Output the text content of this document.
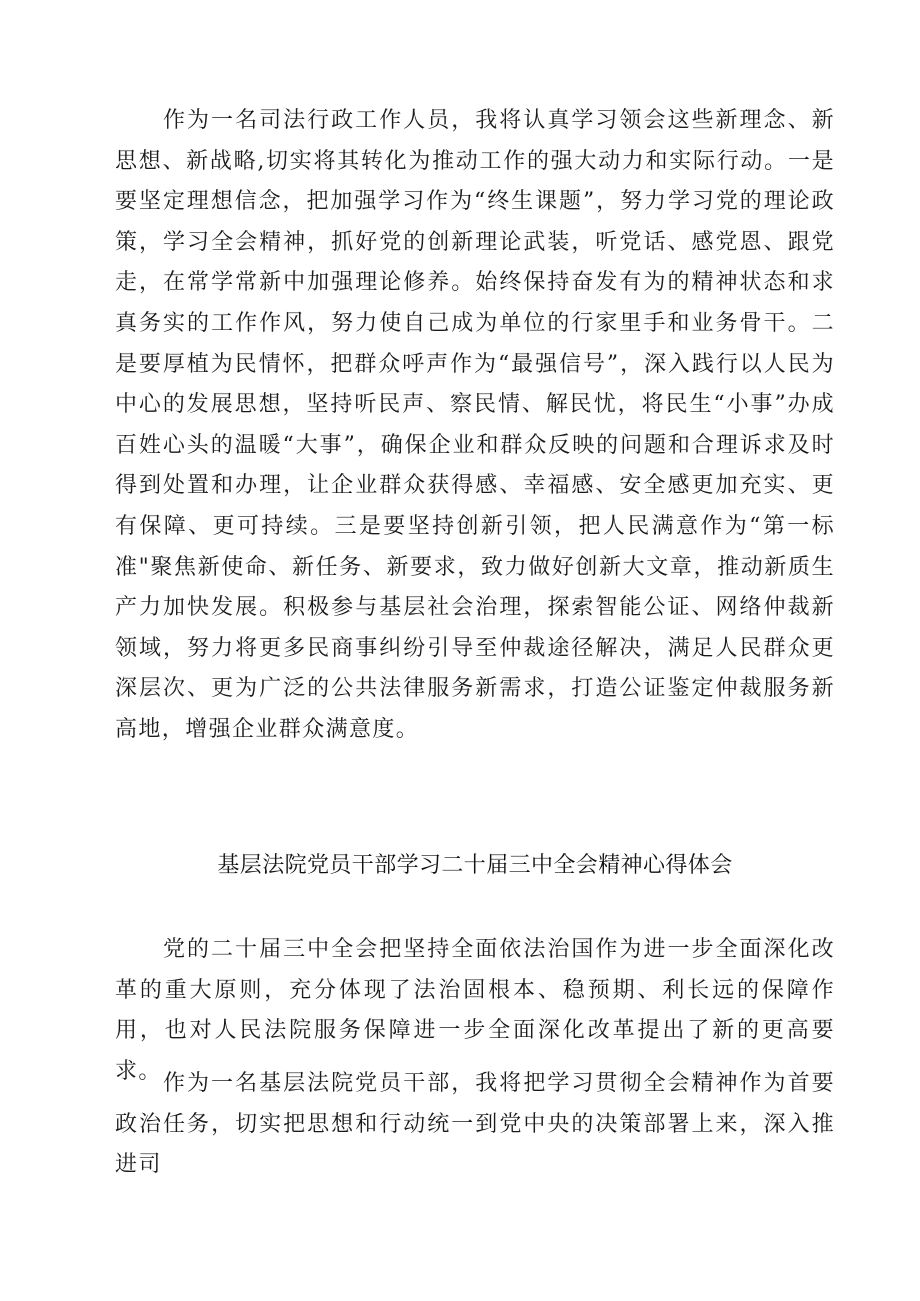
作为一名司法行政工作人员，我将认真学习领会这些新理念、新思想、新战略,切实将其转化为推动工作的强大动力和实际行动。一是要坚定理想信念，把加强学习作为“终生课题”，努力学习党的理论政策，学习全会精神，抓好党的创新理论武装，听党话、感党恩、跟党走，在常学常新中加强理论修养。始终保持奋发有为的精神状态和求真务实的工作作风，努力使自己成为单位的行家里手和业务骨干。二是要厚植为民情怀，把群众呼声作为“最强信号”，深入践行以人民为中心的发展思想，坚持听民声、察民情、解民忧，将民生“小事”办成百姓心头的温暖“大事”，确保企业和群众反映的问题和合理诉求及时得到处置和办理，让企业群众获得感、幸福感、安全感更加充实、更有保障、更可持续。三是要坚持创新引领，把人民满意作为“第一标准"聚焦新使命、新任务、新要求，致力做好创新大文章，推动新质生产力加快发展。积极参与基层社会治理，探索智能公证、网络仲裁新领域，努力将更多民商事纠纷引导至仲裁途径解决，满足人民群众更深层次、更为广泛的公共法律服务新需求，打造公证鉴定仲裁服务新高地，增强企业群众满意度。

基层法院党员干部学习二十届三中全会精神心得体会

党的二十届三中全会把坚持全面依法治国作为进一步全面深化改革的重大原则，充分体现了法治固根本、稳预期、利长远的保障作用，也对人民法院服务保障进一步全面深化改革提出了新的更高要求。 作为一名基层法院党员干部，我将把学习贯彻全会精神作为首要政治任务，切实把思想和行动统一到党中央的决策部署上来，深入推进司
